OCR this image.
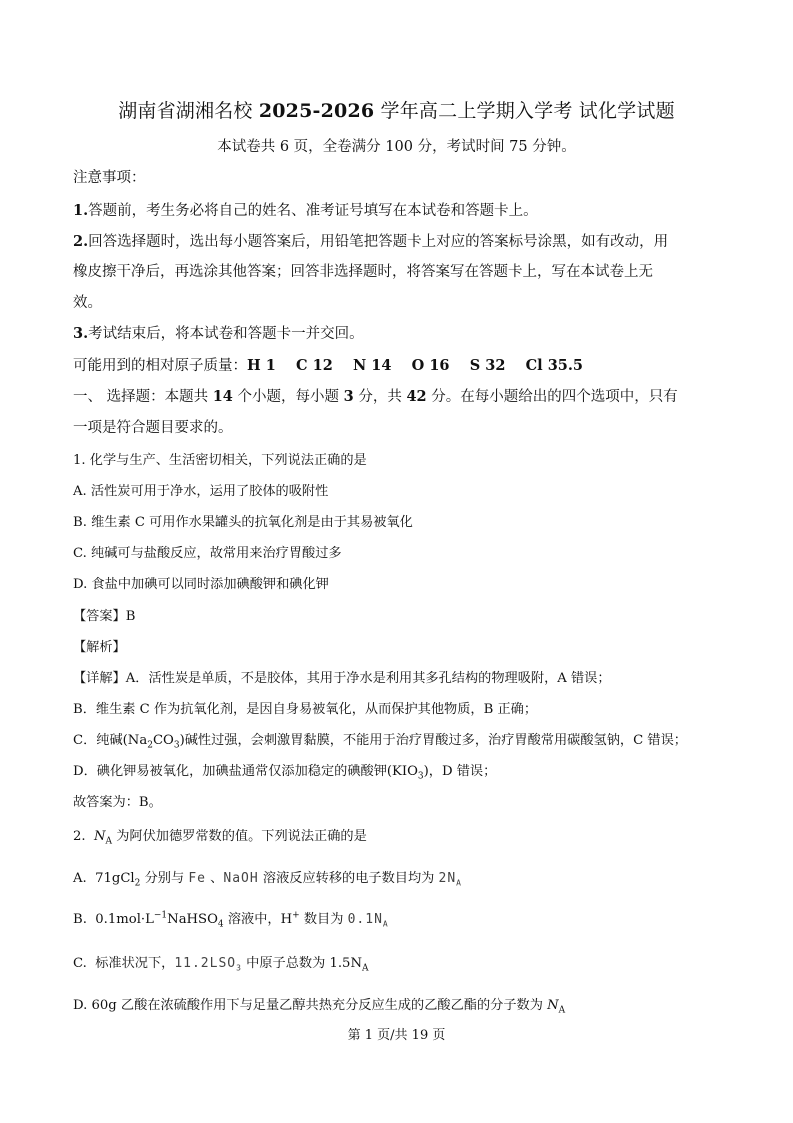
湖南省湖湘名校 2025-2026 学年高二上学期入学考 试化学试题
本试卷共 6 页，全卷满分 100 分，考试时间 75 分钟。
注意事项：
1.答题前，考生务必将自己的姓名、准考证号填写在本试卷和答题卡上。
2.回答选择题时，选出每小题答案后，用铅笔把答题卡上对应的答案标号涂黑，如有改动，用
橡皮擦干净后，再选涂其他答案；回答非选择题时，将答案写在答题卡上，写在本试卷上无
效。
3.考试结束后，将本试卷和答题卡一并交回。
可能用到的相对原子质量：H 1    C 12    N 14    O 16    S 32    Cl 35.5
一、 选择题：本题共 14 个小题，每小题 3 分，共 42 分。在每小题给出的四个选项中，只有
一项是符合题目要求的。
1. 化学与生产、生活密切相关，下列说法正确的是
A. 活性炭可用于净水，运用了胶体的吸附性
B. 维生素 C 可用作水果罐头的抗氧化剂是由于其易被氧化
C. 纯碱可与盐酸反应，故常用来治疗胃酸过多
D. 食盐中加碘可以同时添加碘酸钾和碘化钾
【答案】B
【解析】
【详解】A．活性炭是单质，不是胶体，其用于净水是利用其多孔结构的物理吸附，A 错误；
B．维生素 C 作为抗氧化剂，是因自身易被氧化，从而保护其他物质，B 正确；
C．纯碱$(Na_2CO_3)$碱性过强，会刺激胃黏膜，不能用于治疗胃酸过多，治疗胃酸常用碳酸氢钠，C 错误；
D．碘化钾易被氧化，加碘盐通常仅添加稳定的碘酸钾$(KIO_3)$，D 错误；
故答案为：B。
2.  $N_A$ 为阿伏加德罗常数的值。下列说法正确的是
A.  71gCl$_2$ 分别与 Fe 、NaOH 溶液反应转移的电子数目均为 $2N_A$
B.  $0.1mol\cdot L^{-1}NaHSO_4$ 溶液中，H+ 数目为 $0.1N_A$
C.  标准状况下，$11.2LSO_3$ 中原子总数为 $1.5N_A$
D. 60g 乙酸在浓硫酸作用下与足量乙醇共热充分反应生成的乙酸乙酯的分子数为 $N_A$
第 1 页/共 19 页
